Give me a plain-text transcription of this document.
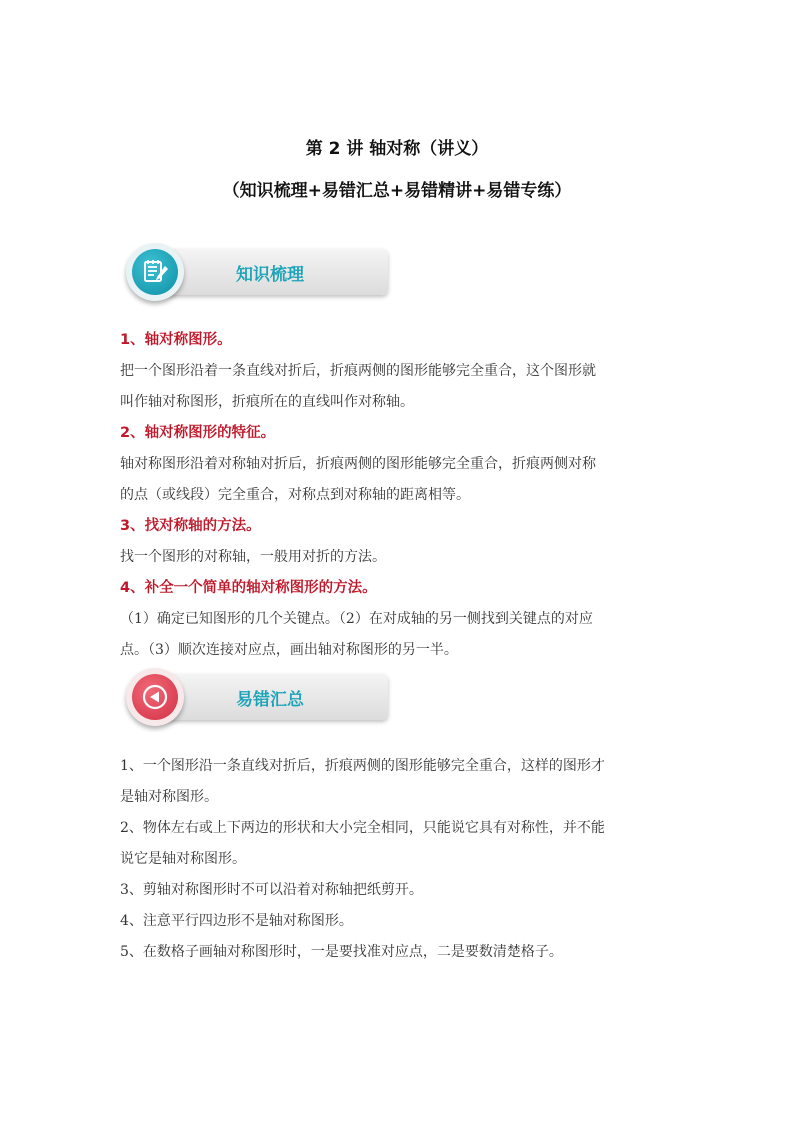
第 2 讲 轴对称（讲义）
（知识梳理+易错汇总+易错精讲+易错专练）
知识梳理
1、轴对称图形。
把一个图形沿着一条直线对折后，折痕两侧的图形能够完全重合，这个图形就
叫作轴对称图形，折痕所在的直线叫作对称轴。
2、轴对称图形的特征。
轴对称图形沿着对称轴对折后，折痕两侧的图形能够完全重合，折痕两侧对称
的点（或线段）完全重合，对称点到对称轴的距离相等。
3、找对称轴的方法。
找一个图形的对称轴，一般用对折的方法。
4、补全一个简单的轴对称图形的方法。
（1）确定已知图形的几个关键点。（2）在对成轴的另一侧找到关键点的对应
点。（3）顺次连接对应点，画出轴对称图形的另一半。
易错汇总
1、一个图形沿一条直线对折后，折痕两侧的图形能够完全重合，这样的图形才
是轴对称图形。
2、物体左右或上下两边的形状和大小完全相同，只能说它具有对称性，并不能
说它是轴对称图形。
3、剪轴对称图形时不可以沿着对称轴把纸剪开。
4、注意平行四边形不是轴对称图形。
5、在数格子画轴对称图形时，一是要找准对应点，二是要数清楚格子。
